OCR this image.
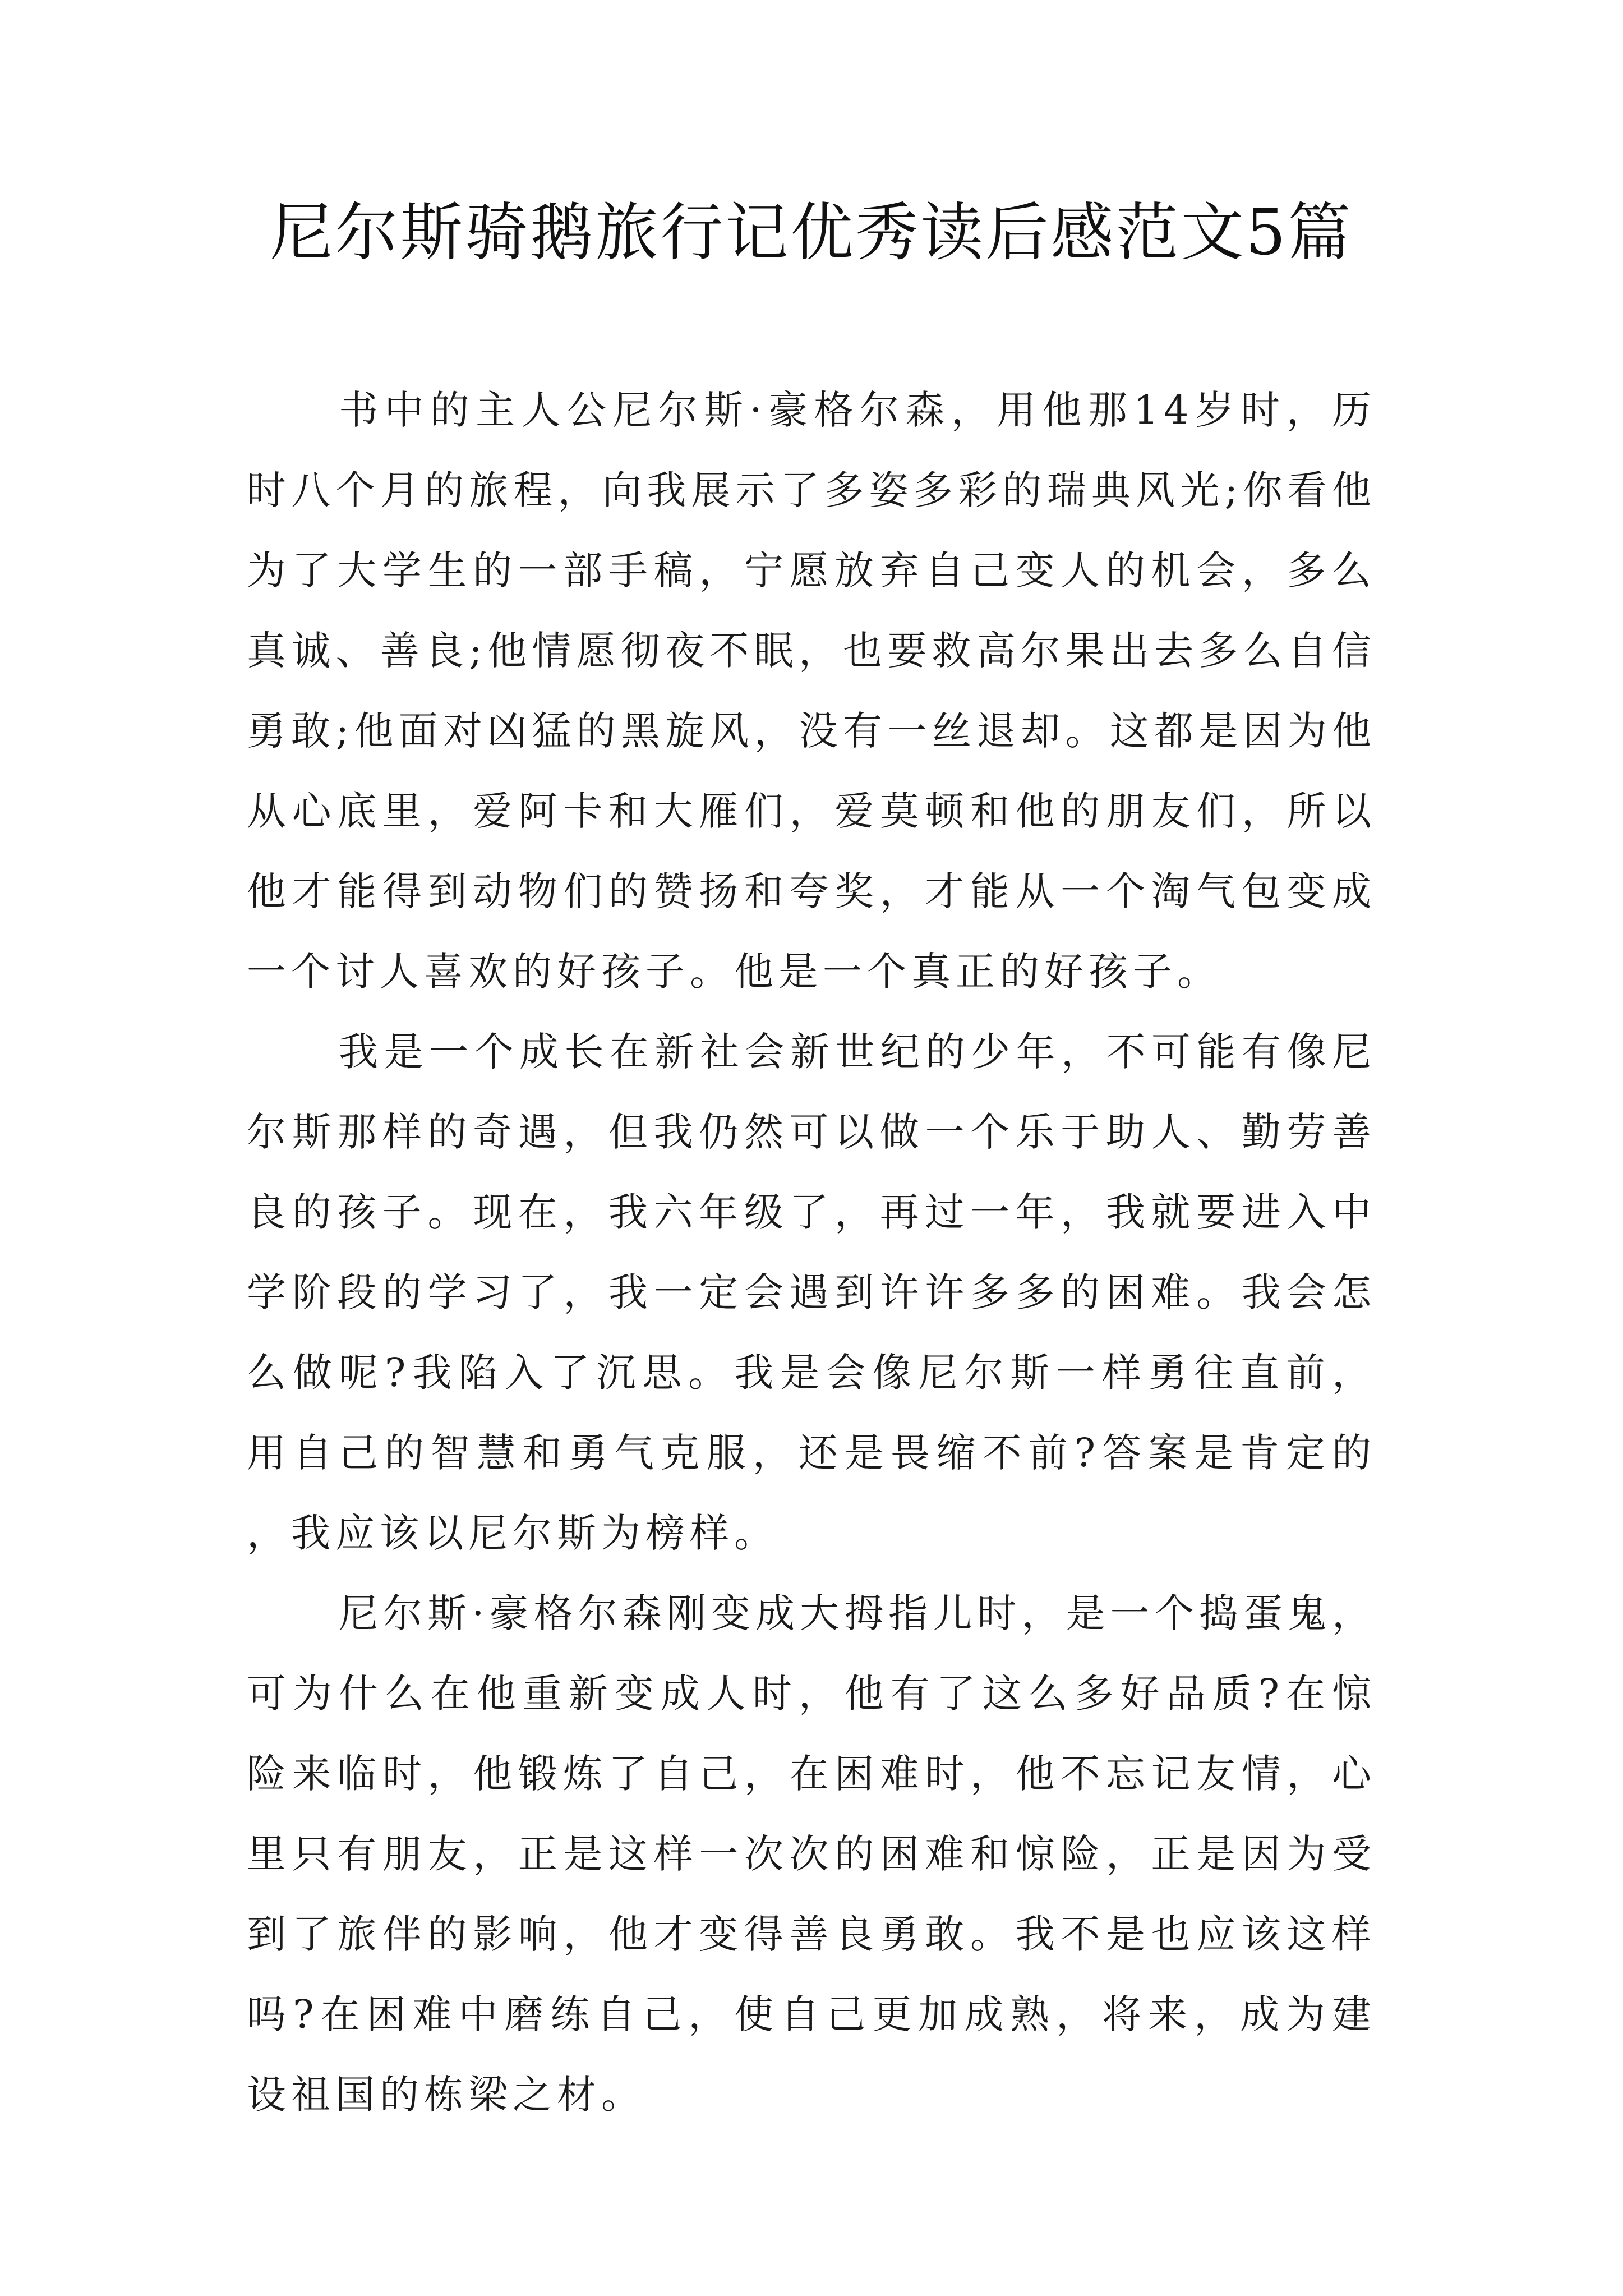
尼尔斯骑鹅旅行记优秀读后感范文5篇

书中的主人公尼尔斯·豪格尔森，用他那14岁时，历时八个月的旅程，向我展示了多姿多彩的瑞典风光;你看他为了大学生的一部手稿，宁愿放弃自己变人的机会，多么真诚、善良;他情愿彻夜不眠，也要救高尔果出去多么自信勇敢;他面对凶猛的黑旋风，没有一丝退却。这都是因为他从心底里，爱阿卡和大雁们，爱莫顿和他的朋友们，所以他才能得到动物们的赞扬和夸奖，才能从一个淘气包变成一个讨人喜欢的好孩子。他是一个真正的好孩子。

我是一个成长在新社会新世纪的少年，不可能有像尼尔斯那样的奇遇，但我仍然可以做一个乐于助人、勤劳善良的孩子。现在，我六年级了，再过一年，我就要进入中学阶段的学习了，我一定会遇到许许多多的困难。我会怎么做呢?我陷入了沉思。我是会像尼尔斯一样勇往直前，用自己的智慧和勇气克服，还是畏缩不前?答案是肯定的，我应该以尼尔斯为榜样。

尼尔斯·豪格尔森刚变成大拇指儿时，是一个捣蛋鬼，可为什么在他重新变成人时，他有了这么多好品质?在惊险来临时，他锻炼了自己，在困难时，他不忘记友情，心里只有朋友，正是这样一次次的困难和惊险，正是因为受到了旅伴的影响，他才变得善良勇敢。我不是也应该这样吗?在困难中磨练自己，使自己更加成熟，将来，成为建设祖国的栋梁之材。
